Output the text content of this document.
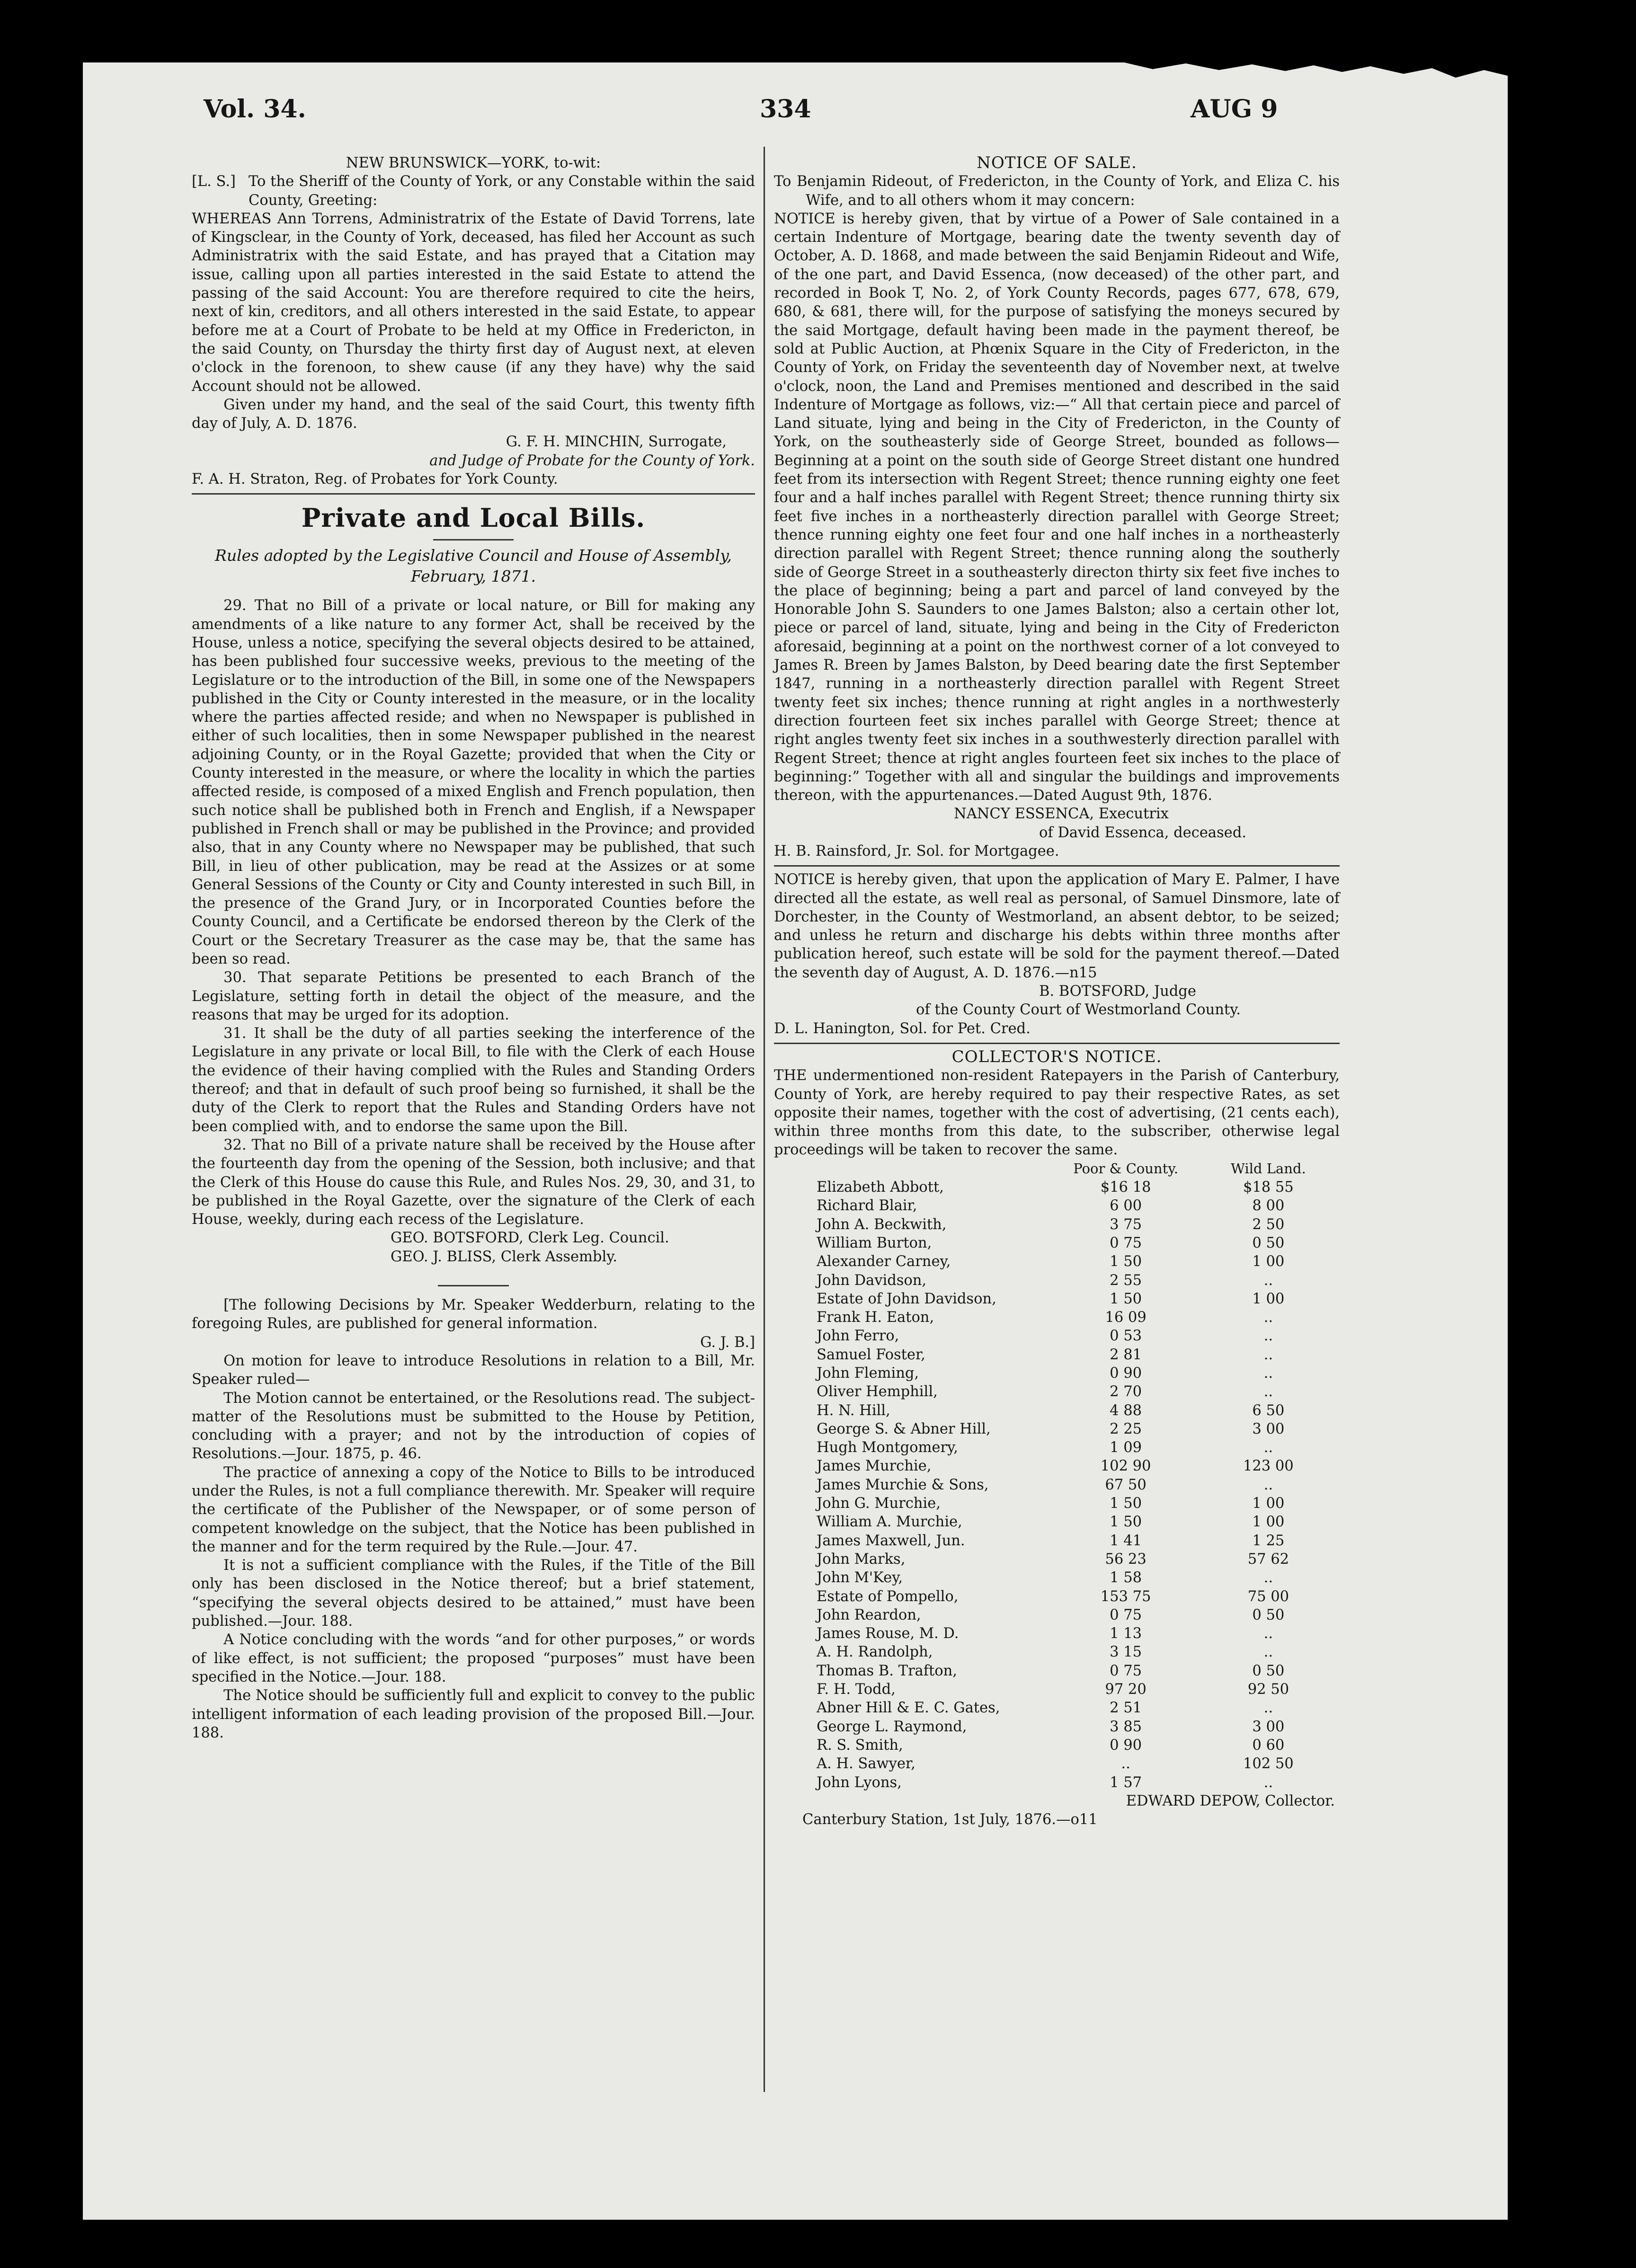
Vol. 34.	334	AUG 9

NEW BRUNSWICK—YORK, to-wit:

[L. S.] To the Sheriff of the County of York, or any Constable within the said County, Greeting:

WHEREAS Ann Torrens, Administratrix of the Estate of David Torrens, late of Kingsclear, in the County of York, deceased, has filed her Account as such Administratrix with the said Estate, and has prayed that a Citation may issue, calling upon all parties interested in the said Estate to attend the passing of the said Account: You are therefore required to cite the heirs, next of kin, creditors, and all others interested in the said Estate, to appear before me at a Court of Probate to be held at my Office in Fredericton, in the said County, on Thursday the thirty first day of August next, at eleven o'clock in the forenoon, to shew cause (if any they have) why the said Account should not be allowed.

Given under my hand, and the seal of the said Court, this twenty fifth day of July, A. D. 1876.

G. F. H. MINCHIN, Surrogate,

and Judge of Probate for the County of York.

F. A. H. Straton, Reg. of Probates for York County.

Private and Local Bills.

Rules adopted by the Legislative Council and House of Assembly, February, 1871.

29. That no Bill of a private or local nature, or Bill for making any amendments of a like nature to any former Act, shall be received by the House, unless a notice, specifying the several objects desired to be attained, has been published four successive weeks, previous to the meeting of the Legislature or to the introduction of the Bill, in some one of the Newspapers published in the City or County interested in the measure, or in the locality where the parties affected reside; and when no Newspaper is published in either of such localities, then in some Newspaper published in the nearest adjoining County, or in the Royal Gazette; provided that when the City or County interested in the measure, or where the locality in which the parties affected reside, is composed of a mixed English and French population, then such notice shall be published both in French and English, if a Newspaper published in French shall or may be published in the Province; and provided also, that in any County where no Newspaper may be published, that such Bill, in lieu of other publication, may be read at the Assizes or at some General Sessions of the County or City and County interested in such Bill, in the presence of the Grand Jury, or in Incorporated Counties before the County Council, and a Certificate be endorsed thereon by the Clerk of the Court or the Secretary Treasurer as the case may be, that the same has been so read.

30. That separate Petitions be presented to each Branch of the Legislature, setting forth in detail the object of the measure, and the reasons that may be urged for its adoption.

31. It shall be the duty of all parties seeking the interference of the Legislature in any private or local Bill, to file with the Clerk of each House the evidence of their having complied with the Rules and Standing Orders thereof; and that in default of such proof being so furnished, it shall be the duty of the Clerk to report that the Rules and Standing Orders have not been complied with, and to endorse the same upon the Bill.

32. That no Bill of a private nature shall be received by the House after the fourteenth day from the opening of the Session, both inclusive; and that the Clerk of this House do cause this Rule, and Rules Nos. 29, 30, and 31, to be published in the Royal Gazette, over the signature of the Clerk of each House, weekly, during each recess of the Legislature.

GEO. BOTSFORD, Clerk Leg. Council.

GEO. J. BLISS, Clerk Assembly.

[The following Decisions by Mr. Speaker Wedderburn, relating to the foregoing Rules, are published for general information.

G. J. B.]

On motion for leave to introduce Resolutions in relation to a Bill, Mr. Speaker ruled—

The Motion cannot be entertained, or the Resolutions read. The subject-matter of the Resolutions must be submitted to the House by Petition, concluding with a prayer; and not by the introduction of copies of Resolutions.—Jour. 1875, p. 46.

The practice of annexing a copy of the Notice to Bills to be introduced under the Rules, is not a full compliance therewith. Mr. Speaker will require the certificate of the Publisher of the Newspaper, or of some person of competent knowledge on the subject, that the Notice has been published in the manner and for the term required by the Rule.—Jour. 47.

It is not a sufficient compliance with the Rules, if the Title of the Bill only has been disclosed in the Notice thereof; but a brief statement, “specifying the several objects desired to be attained,” must have been published.—Jour. 188.

A Notice concluding with the words “and for other purposes,” or words of like effect, is not sufficient; the proposed “purposes” must have been specified in the Notice.—Jour. 188.

The Notice should be sufficiently full and explicit to convey to the public intelligent information of each leading provision of the proposed Bill.—Jour. 188.

NOTICE OF SALE.

To Benjamin Rideout, of Fredericton, in the County of York, and Eliza C. his Wife, and to all others whom it may concern:

NOTICE is hereby given, that by virtue of a Power of Sale contained in a certain Indenture of Mortgage, bearing date the twenty seventh day of October, A. D. 1868, and made between the said Benjamin Rideout and Wife, of the one part, and David Essenca, (now deceased) of the other part, and recorded in Book T, No. 2, of York County Records, pages 677, 678, 679, 680, & 681, there will, for the purpose of satisfying the moneys secured by the said Mortgage, default having been made in the payment thereof, be sold at Public Auction, at Phœnix Square in the City of Fredericton, in the County of York, on Friday the seventeenth day of November next, at twelve o'clock, noon, the Land and Premises mentioned and described in the said Indenture of Mortgage as follows, viz:—“ All that certain piece and parcel of Land situate, lying and being in the City of Fredericton, in the County of York, on the southeasterly side of George Street, bounded as follows—Beginning at a point on the south side of George Street distant one hundred feet from its intersection with Regent Street; thence running eighty one feet four and a half inches parallel with Regent Street; thence running thirty six feet five inches in a northeasterly direction parallel with George Street; thence running eighty one feet four and one half inches in a northeasterly direction parallel with Regent Street; thence running along the southerly side of George Street in a southeasterly directon thirty six feet five inches to the place of beginning; being a part and parcel of land conveyed by the Honorable John S. Saunders to one James Balston; also a certain other lot, piece or parcel of land, situate, lying and being in the City of Fredericton aforesaid, beginning at a point on the northwest corner of a lot conveyed to James R. Breen by James Balston, by Deed bearing date the first September 1847, running in a northeasterly direction parallel with Regent Street twenty feet six inches; thence running at right angles in a northwesterly direction fourteen feet six inches parallel with George Street; thence at right angles twenty feet six inches in a southwesterly direction parallel with Regent Street; thence at right angles fourteen feet six inches to the place of beginning:” Together with all and singular the buildings and improvements thereon, with the appurtenances.—Dated August 9th, 1876.

NANCY ESSENCA, Executrix

of David Essenca, deceased.

H. B. Rainsford, Jr. Sol. for Mortgagee.

NOTICE is hereby given, that upon the application of Mary E. Palmer, I have directed all the estate, as well real as personal, of Samuel Dinsmore, late of Dorchester, in the County of Westmorland, an absent debtor, to be seized; and unless he return and discharge his debts within three months after publication hereof, such estate will be sold for the payment thereof.—Dated the seventh day of August, A. D. 1876.—n15

B. BOTSFORD, Judge

of the County Court of Westmorland County.

D. L. Hanington, Sol. for Pet. Cred.

COLLECTOR'S NOTICE.

THE undermentioned non-resident Ratepayers in the Parish of Canterbury, County of York, are hereby required to pay their respective Rates, as set opposite their names, together with the cost of advertising, (21 cents each), within three months from this date, to the subscriber, otherwise legal proceedings will be taken to recover the same.

	Poor & County.	Wild Land.
Elizabeth Abbott,	$16 18	$18 55
Richard Blair,	6 00	8 00
John A. Beckwith,	3 75	2 50
William Burton,	0 75	0 50
Alexander Carney,	1 50	1 00
John Davidson,	2 55	..
Estate of John Davidson,	1 50	1 00
Frank H. Eaton,	16 09	..
John Ferro,	0 53	..
Samuel Foster,	2 81	..
John Fleming,	0 90	..
Oliver Hemphill,	2 70	..
H. N. Hill,	4 88	6 50
George S. & Abner Hill,	2 25	3 00
Hugh Montgomery,	1 09	..
James Murchie,	102 90	123 00
James Murchie & Sons,	67 50	..
John G. Murchie,	1 50	1 00
William A. Murchie,	1 50	1 00
James Maxwell, Jun.	1 41	1 25
John Marks,	56 23	57 62
John M'Key,	1 58	..
Estate of Pompello,	153 75	75 00
John Reardon,	0 75	0 50
James Rouse, M. D.	1 13	..
A. H. Randolph,	3 15	..
Thomas B. Trafton,	0 75	0 50
F. H. Todd,	97 20	92 50
Abner Hill & E. C. Gates,	2 51	..
George L. Raymond,	3 85	3 00
R. S. Smith,	0 90	0 60
A. H. Sawyer,	..	102 50
John Lyons,	1 57	..

EDWARD DEPOW, Collector.

Canterbury Station, 1st July, 1876.—o11
